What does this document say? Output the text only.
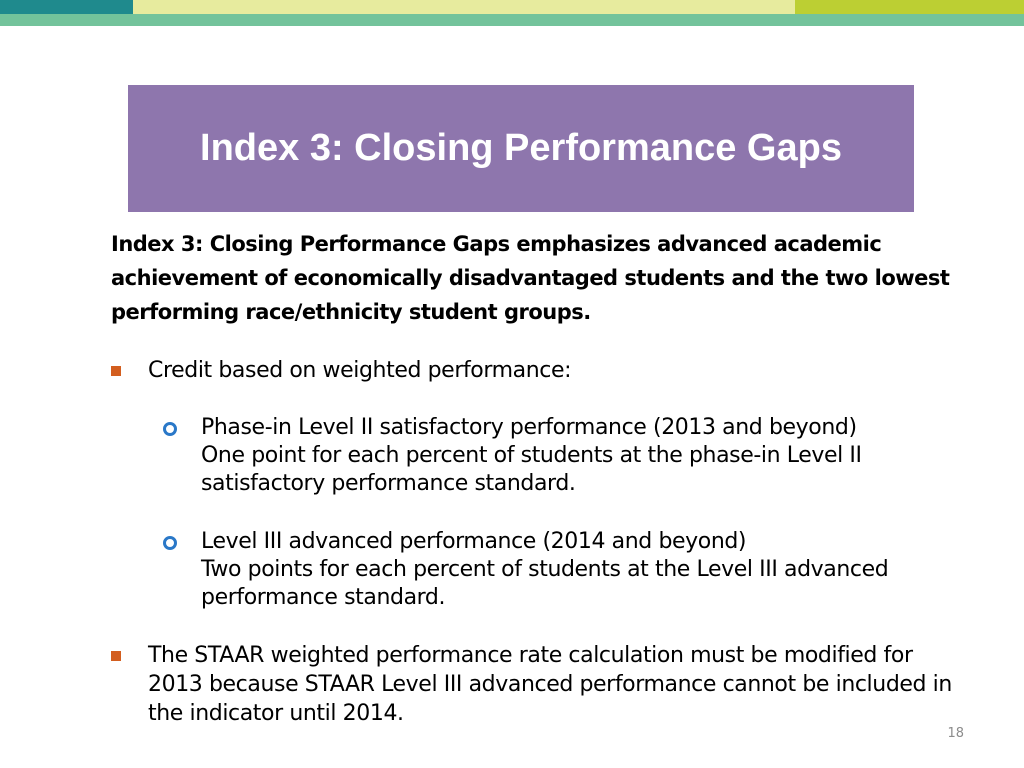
Index 3: Closing Performance Gaps
Index 3: Closing Performance Gaps emphasizes advanced academic
achievement of economically disadvantaged students and the two lowest
performing race/ethnicity student groups.
Credit based on weighted performance:
Phase-in Level II satisfactory performance (2013 and beyond)
One point for each percent of students at the phase-in Level II
satisfactory performance standard.
Level III advanced performance (2014 and beyond)
Two points for each percent of students at the Level III advanced
performance standard.
The STAAR weighted performance rate calculation must be modified for
2013 because STAAR Level III advanced performance cannot be included in
the indicator until 2014.
18
